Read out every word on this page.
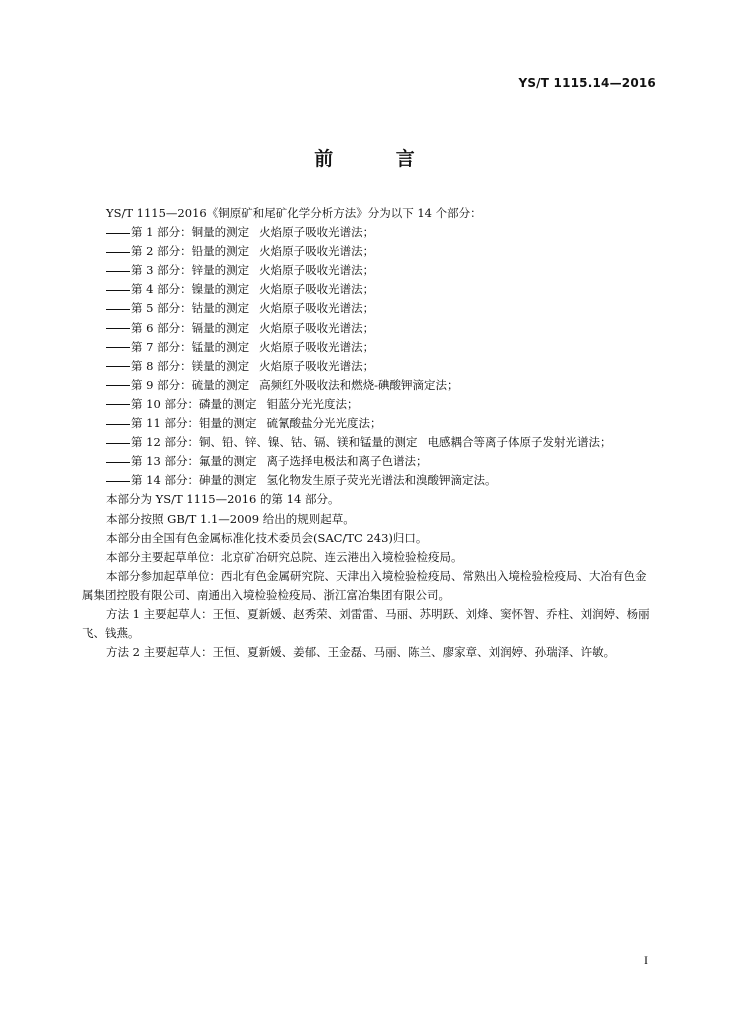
YS/T 1115.14—2016
前 言

YS/T 1115—2016《铜原矿和尾矿化学分析方法》分为以下 14 个部分：

第 1 部分：铜量的测定 火焰原子吸收光谱法；
第 2 部分：铅量的测定 火焰原子吸收光谱法；
第 3 部分：锌量的测定 火焰原子吸收光谱法；
第 4 部分：镍量的测定 火焰原子吸收光谱法；
第 5 部分：钴量的测定 火焰原子吸收光谱法；
第 6 部分：镉量的测定 火焰原子吸收光谱法；
第 7 部分：锰量的测定 火焰原子吸收光谱法；
第 8 部分：镁量的测定 火焰原子吸收光谱法；
第 9 部分：硫量的测定 高频红外吸收法和燃烧-碘酸钾滴定法；
第 10 部分：磷量的测定 钼蓝分光光度法；
第 11 部分：钼量的测定 硫氰酸盐分光光度法；
第 12 部分：铜、铅、锌、镍、钴、镉、镁和锰量的测定 电感耦合等离子体原子发射光谱法；
第 13 部分：氟量的测定 离子选择电极法和离子色谱法；
第 14 部分：砷量的测定 氢化物发生原子荧光光谱法和溴酸钾滴定法。

本部分为 YS/T 1115—2016 的第 14 部分。

本部分按照 GB/T 1.1—2009 给出的规则起草。

本部分由全国有色金属标准化技术委员会(SAC/TC 243)归口。

本部分主要起草单位：北京矿冶研究总院、连云港出入境检验检疫局。

本部分参加起草单位：西北有色金属研究院、天津出入境检验检疫局、常熟出入境检验检疫局、大冶有色金属集团控股有限公司、南通出入境检验检疫局、浙江富冶集团有限公司。

方法 1 主要起草人：王恒、夏新媛、赵秀荣、刘雷雷、马丽、苏明跃、刘烽、窦怀智、乔柱、刘润婷、杨丽飞、钱燕。

方法 2 主要起草人：王恒、夏新媛、姜郁、王金磊、马丽、陈兰、廖家章、刘润婷、孙瑞泽、许敏。

I
